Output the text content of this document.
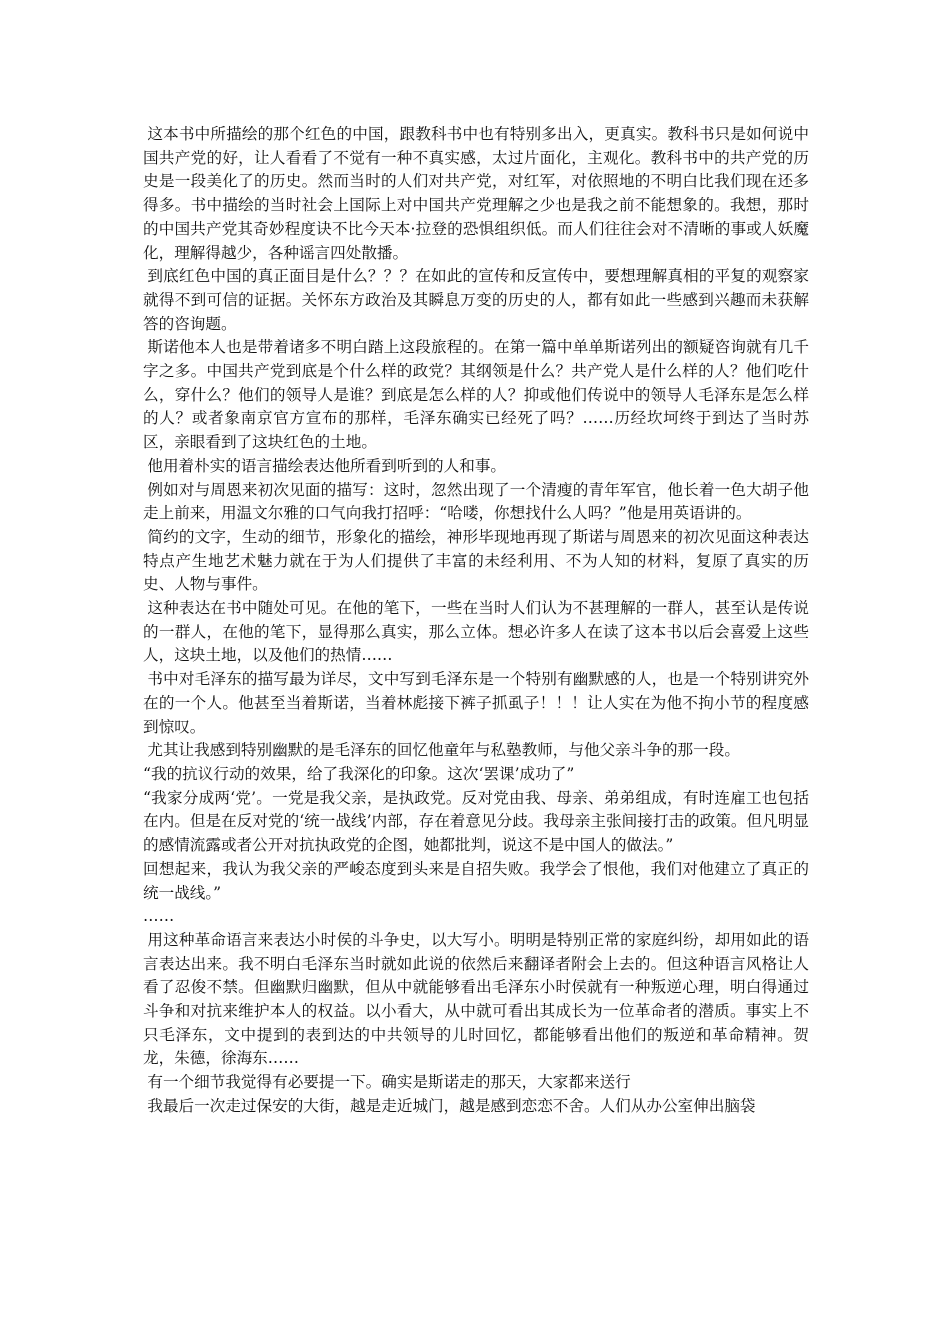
这本书中所描绘的那个红色的中国，跟教科书中也有特别多出入，更真实。教科书只是如何说中国共产党的好，让人看看了不觉有一种不真实感，太过片面化，主观化。教科书中的共产党的历史是一段美化了的历史。然而当时的人们对共产党，对红军，对依照地的不明白比我们现在还多得多。书中描绘的当时社会上国际上对中国共产党理解之少也是我之前不能想象的。我想，那时的中国共产党其奇妙程度诀不比今天本·拉登的恐惧组织低。而人们往往会对不清晰的事或人妖魔化，理解得越少，各种谣言四处散播。

到底红色中国的真正面目是什么？？？在如此的宣传和反宣传中，要想理解真相的平复的观察家就得不到可信的证据。关怀东方政治及其瞬息万变的历史的人，都有如此一些感到兴趣而未获解答的咨询题。

斯诺他本人也是带着诸多不明白踏上这段旅程的。在第一篇中单单斯诺列出的额疑咨询就有几千字之多。中国共产党到底是个什么样的政党？其纲领是什么？共产党人是什么样的人？他们吃什么，穿什么？他们的领导人是谁？到底是怎么样的人？抑或他们传说中的领导人毛泽东是怎么样的人？或者象南京官方宣布的那样，毛泽东确实已经死了吗？……历经坎坷终于到达了当时苏区，亲眼看到了这块红色的土地。

他用着朴实的语言描绘表达他所看到听到的人和事。

例如对与周恩来初次见面的描写：这时，忽然出现了一个清瘦的青年军官，他长着一色大胡子他走上前来，用温文尔雅的口气向我打招呼：“哈喽，你想找什么人吗？”他是用英语讲的。

简约的文字，生动的细节，形象化的描绘，神形毕现地再现了斯诺与周恩来的初次见面这种表达特点产生地艺术魅力就在于为人们提供了丰富的未经利用、不为人知的材料，复原了真实的历史、人物与事件。

这种表达在书中随处可见。在他的笔下，一些在当时人们认为不甚理解的一群人，甚至认是传说的一群人，在他的笔下，显得那么真实，那么立体。想必许多人在读了这本书以后会喜爱上这些人，这块土地，以及他们的热情……

书中对毛泽东的描写最为详尽，文中写到毛泽东是一个特别有幽默感的人，也是一个特别讲究外在的一个人。他甚至当着斯诺，当着林彪接下裤子抓虱子！！！让人实在为他不拘小节的程度感到惊叹。

尤其让我感到特别幽默的是毛泽东的回忆他童年与私塾教师，与他父亲斗争的那一段。

“我的抗议行动的效果，给了我深化的印象。这次‘罢课’成功了”

“我家分成两‘党’。一党是我父亲，是执政党。反对党由我、母亲、弟弟组成，有时连雇工也包括在内。但是在反对党的‘统一战线’内部，存在着意见分歧。我母亲主张间接打击的政策。但凡明显的感情流露或者公开对抗执政党的企图，她都批判，说这不是中国人的做法。”

回想起来，我认为我父亲的严峻态度到头来是自招失败。我学会了恨他，我们对他建立了真正的统一战线。”

……

用这种革命语言来表达小时侯的斗争史，以大写小。明明是特别正常的家庭纠纷，却用如此的语言表达出来。我不明白毛泽东当时就如此说的依然后来翻译者附会上去的。但这种语言风格让人看了忍俊不禁。但幽默归幽默，但从中就能够看出毛泽东小时侯就有一种叛逆心理，明白得通过斗争和对抗来维护本人的权益。以小看大，从中就可看出其成长为一位革命者的潜质。事实上不只毛泽东，文中提到的表到达的中共领导的儿时回忆，都能够看出他们的叛逆和革命精神。贺龙，朱德，徐海东……

有一个细节我觉得有必要提一下。确实是斯诺走的那天，大家都来送行

我最后一次走过保安的大街，越是走近城门，越是感到恋恋不舍。人们从办公室伸出脑袋
